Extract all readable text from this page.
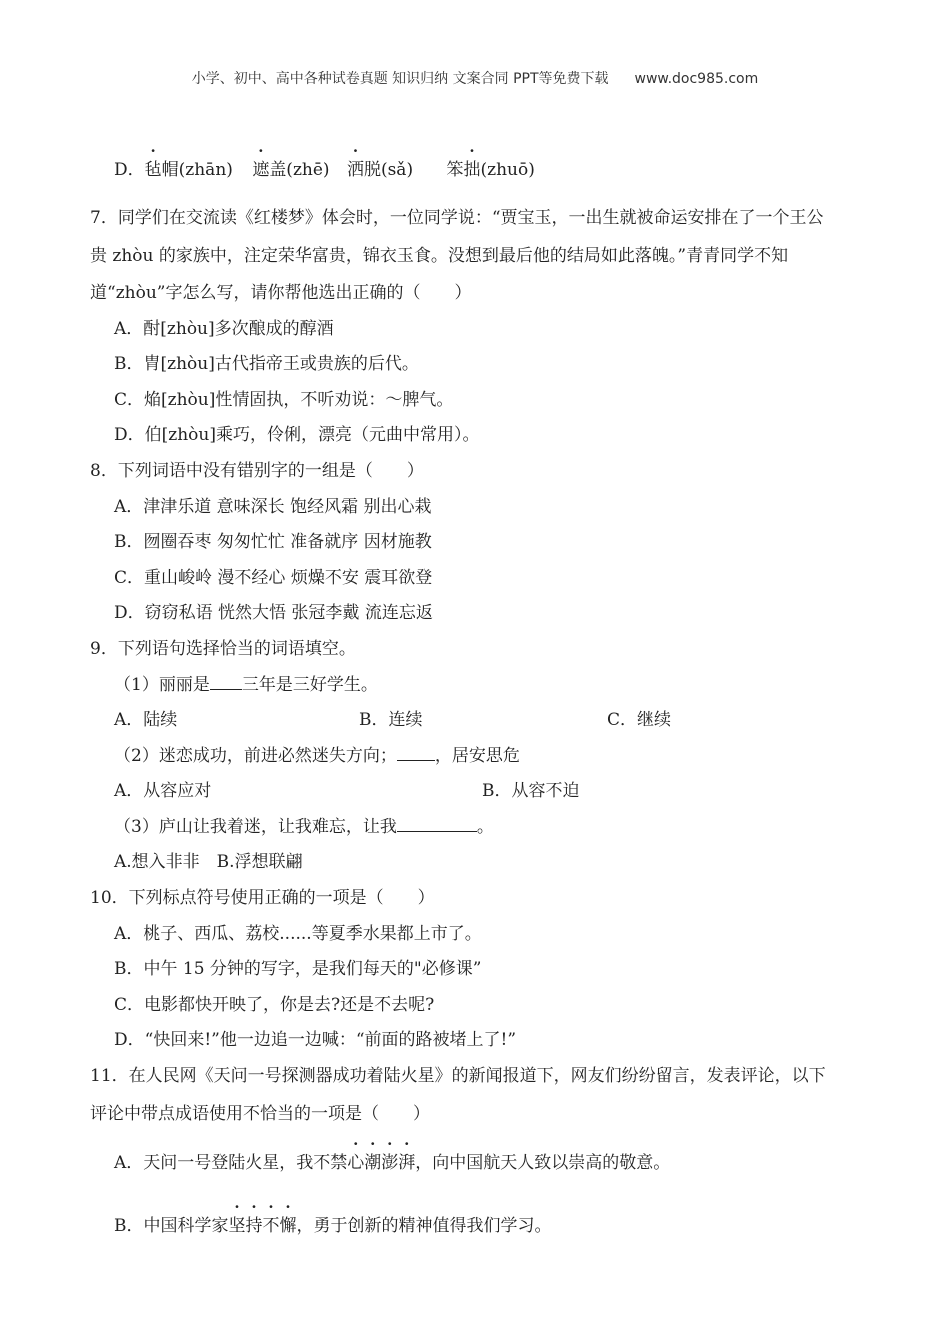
小学、初中、高中各种试卷真题 知识归纳 文案合同 PPT等免费下载 www.doc985.com
D．毡帽(zhān) 遮盖(zhē) 洒脱(sǎ) 笨拙(zhuō)
7．同学们在交流读《红楼梦》体会时，一位同学说：“贾宝玉，一出生就被命运安排在了一个王公
贵 zhòu 的家族中，注定荣华富贵，锦衣玉食。没想到最后他的结局如此落魄。”青青同学不知
道“zhòu”字怎么写，请你帮他选出正确的（　　）
A．酎[zhòu]多次酿成的醇酒
B．胄[zhòu]古代指帝王或贵族的后代。
C．焔[zhòu]性情固执，不听劝说：～脾气。
D．伯[zhòu]乘巧，伶俐，漂亮（元曲中常用）。
8．下列词语中没有错别字的一组是（　　）
A．津津乐道 意味深长 饱经风霜 别出心栽
B．囫圈吞枣 匆匆忙忙 准备就序 因材施教
C．重山峻岭 漫不经心 烦燥不安 震耳欲登
D．窃窃私语 恍然大悟 张冠李戴 流连忘返
9．下列语句选择恰当的词语填空。
（1）丽丽是 三年是三好学生。
A．陆续	B．连续	C．继续
（2）迷恋成功，前进必然迷失方向； ，居安思危
A．从容应对	B．从容不迫
（3）庐山让我着迷，让我难忘，让我	。
A.想入非非　B.浮想联翩
10．下列标点符号使用正确的一项是（　　）
A．桃子、西瓜、荔校......等夏季水果都上市了。
B．中午 15 分钟的写字，是我们每天的"必修课”
C．电影都快开映了，你是去?还是不去呢?
D．“快回来!”他一边追一边喊：“前面的路被堵上了!”
11．在人民网《天问一号探测器成功着陆火星》的新闻报道下，网友们纷纷留言，发表评论，以下
评论中带点成语使用不恰当的一项是（　　）
A．天问一号登陆火星，我不禁心潮澎湃，向中国航天人致以崇高的敬意。
B．中国科学家坚持不懈，勇于创新的精神值得我们学习。
